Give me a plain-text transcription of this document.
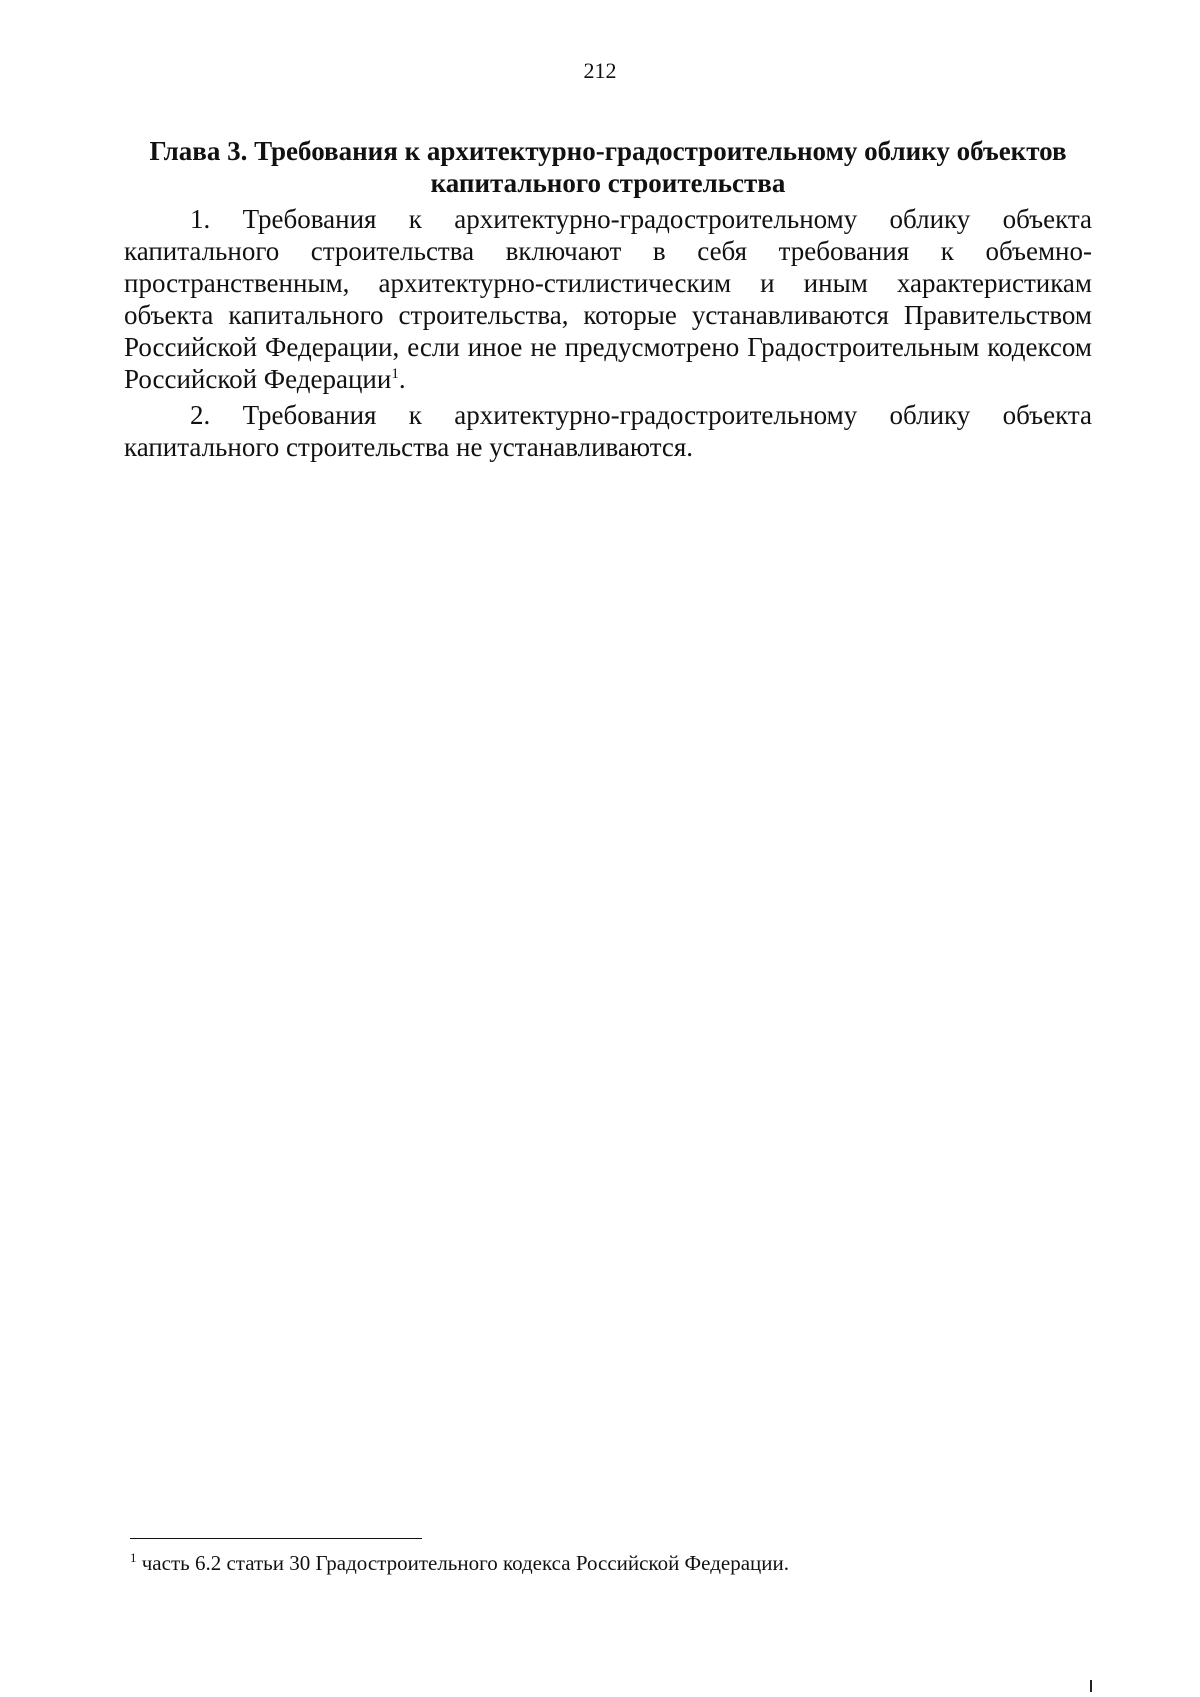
212
Глава 3. Требования к архитектурно-градостроительному облику объектов капитального строительства

1. Требования к архитектурно-градостроительному облику объекта капитального строительства включают в себя требования к объемно-пространственным, архитектурно-стилистическим и иным характеристикам объекта капитального строительства, которые устанавливаются Правительством Российской Федерации, если иное не предусмотрено Градостроительным кодексом Российской Федерации$^1$.

2. Требования к архитектурно-градостроительному облику объекта капитального строительства не устанавливаются.

$^1$ часть 6.2 статьи 30 Градостроительного кодекса Российской Федерации.
